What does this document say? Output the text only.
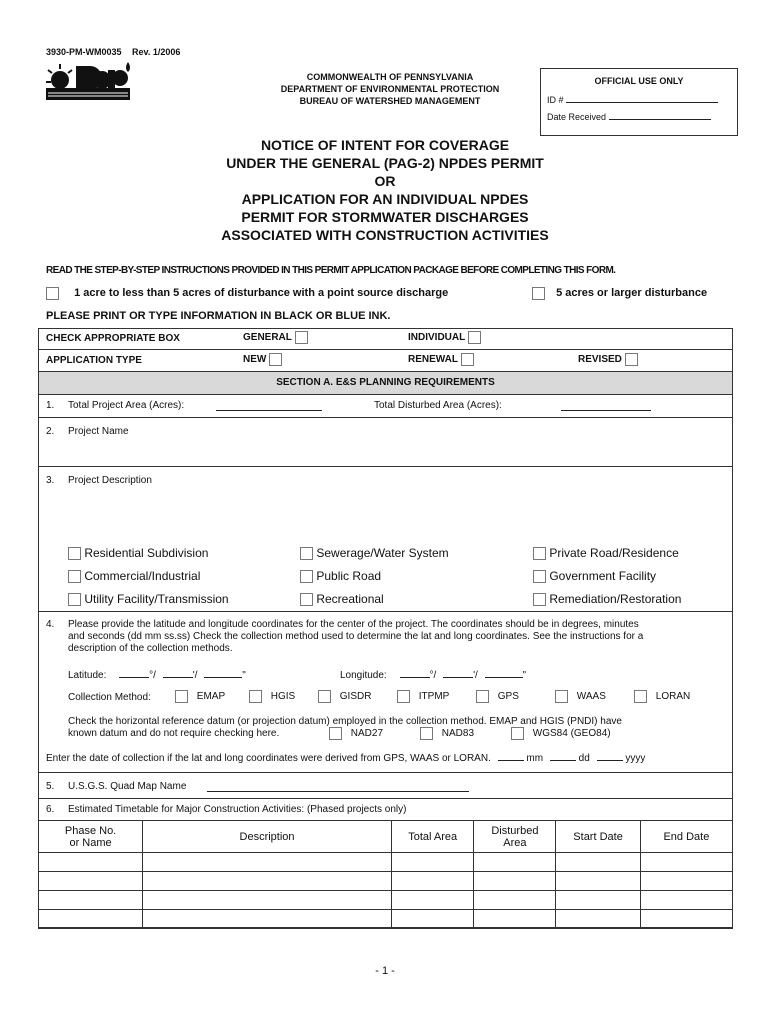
3930-PM-WM0035 Rev. 1/2006
COMMONWEALTH OF PENNSYLVANIA
DEPARTMENT OF ENVIRONMENTAL PROTECTION
BUREAU OF WATERSHED MANAGEMENT
OFFICIAL USE ONLY
ID #
Date Received
NOTICE OF INTENT FOR COVERAGE
UNDER THE GENERAL (PAG-2) NPDES PERMIT
OR
APPLICATION FOR AN INDIVIDUAL NPDES
PERMIT FOR STORMWATER DISCHARGES
ASSOCIATED WITH CONSTRUCTION ACTIVITIES
READ THE STEP-BY-STEP INSTRUCTIONS PROVIDED IN THIS PERMIT APPLICATION PACKAGE BEFORE COMPLETING THIS FORM.
1 acre to less than 5 acres of disturbance with a point source discharge	5 acres or larger disturbance
PLEASE PRINT OR TYPE INFORMATION IN BLACK OR BLUE INK.
CHECK APPROPRIATE BOX	GENERAL	INDIVIDUAL
APPLICATION TYPE	NEW	RENEWAL	REVISED
SECTION A. E&S PLANNING REQUIREMENTS
1. Total Project Area (Acres):	Total Disturbed Area (Acres):
2. Project Name
3. Project Description
Residential Subdivision	Sewerage/Water System	Private Road/Residence
Commercial/Industrial	Public Road	Government Facility
Utility Facility/Transmission	Recreational	Remediation/Restoration
4. Please provide the latitude and longitude coordinates for the center of the project. The coordinates should be in degrees, minutes
and seconds (dd mm ss.ss) Check the collection method used to determine the lat and long coordinates. See the instructions for a
description of the collection methods.
Latitude:	°/	'/	"	Longitude:	°/	'/	"
Collection Method:	EMAP	HGIS	GISDR	ITPMP	GPS	WAAS	LORAN
Check the horizontal reference datum (or projection datum) employed in the collection method. EMAP and HGIS (PNDI) have
known datum and do not require checking here.	NAD27	NAD83	WGS84 (GEO84)
Enter the date of collection if the lat and long coordinates were derived from GPS, WAAS or LORAN.	mm	dd	yyyy
5. U.S.G.S. Quad Map Name
6. Estimated Timetable for Major Construction Activities: (Phased projects only)
Phase No. or Name	Description	Total Area	Disturbed Area	Start Date	End Date

- 1 -
